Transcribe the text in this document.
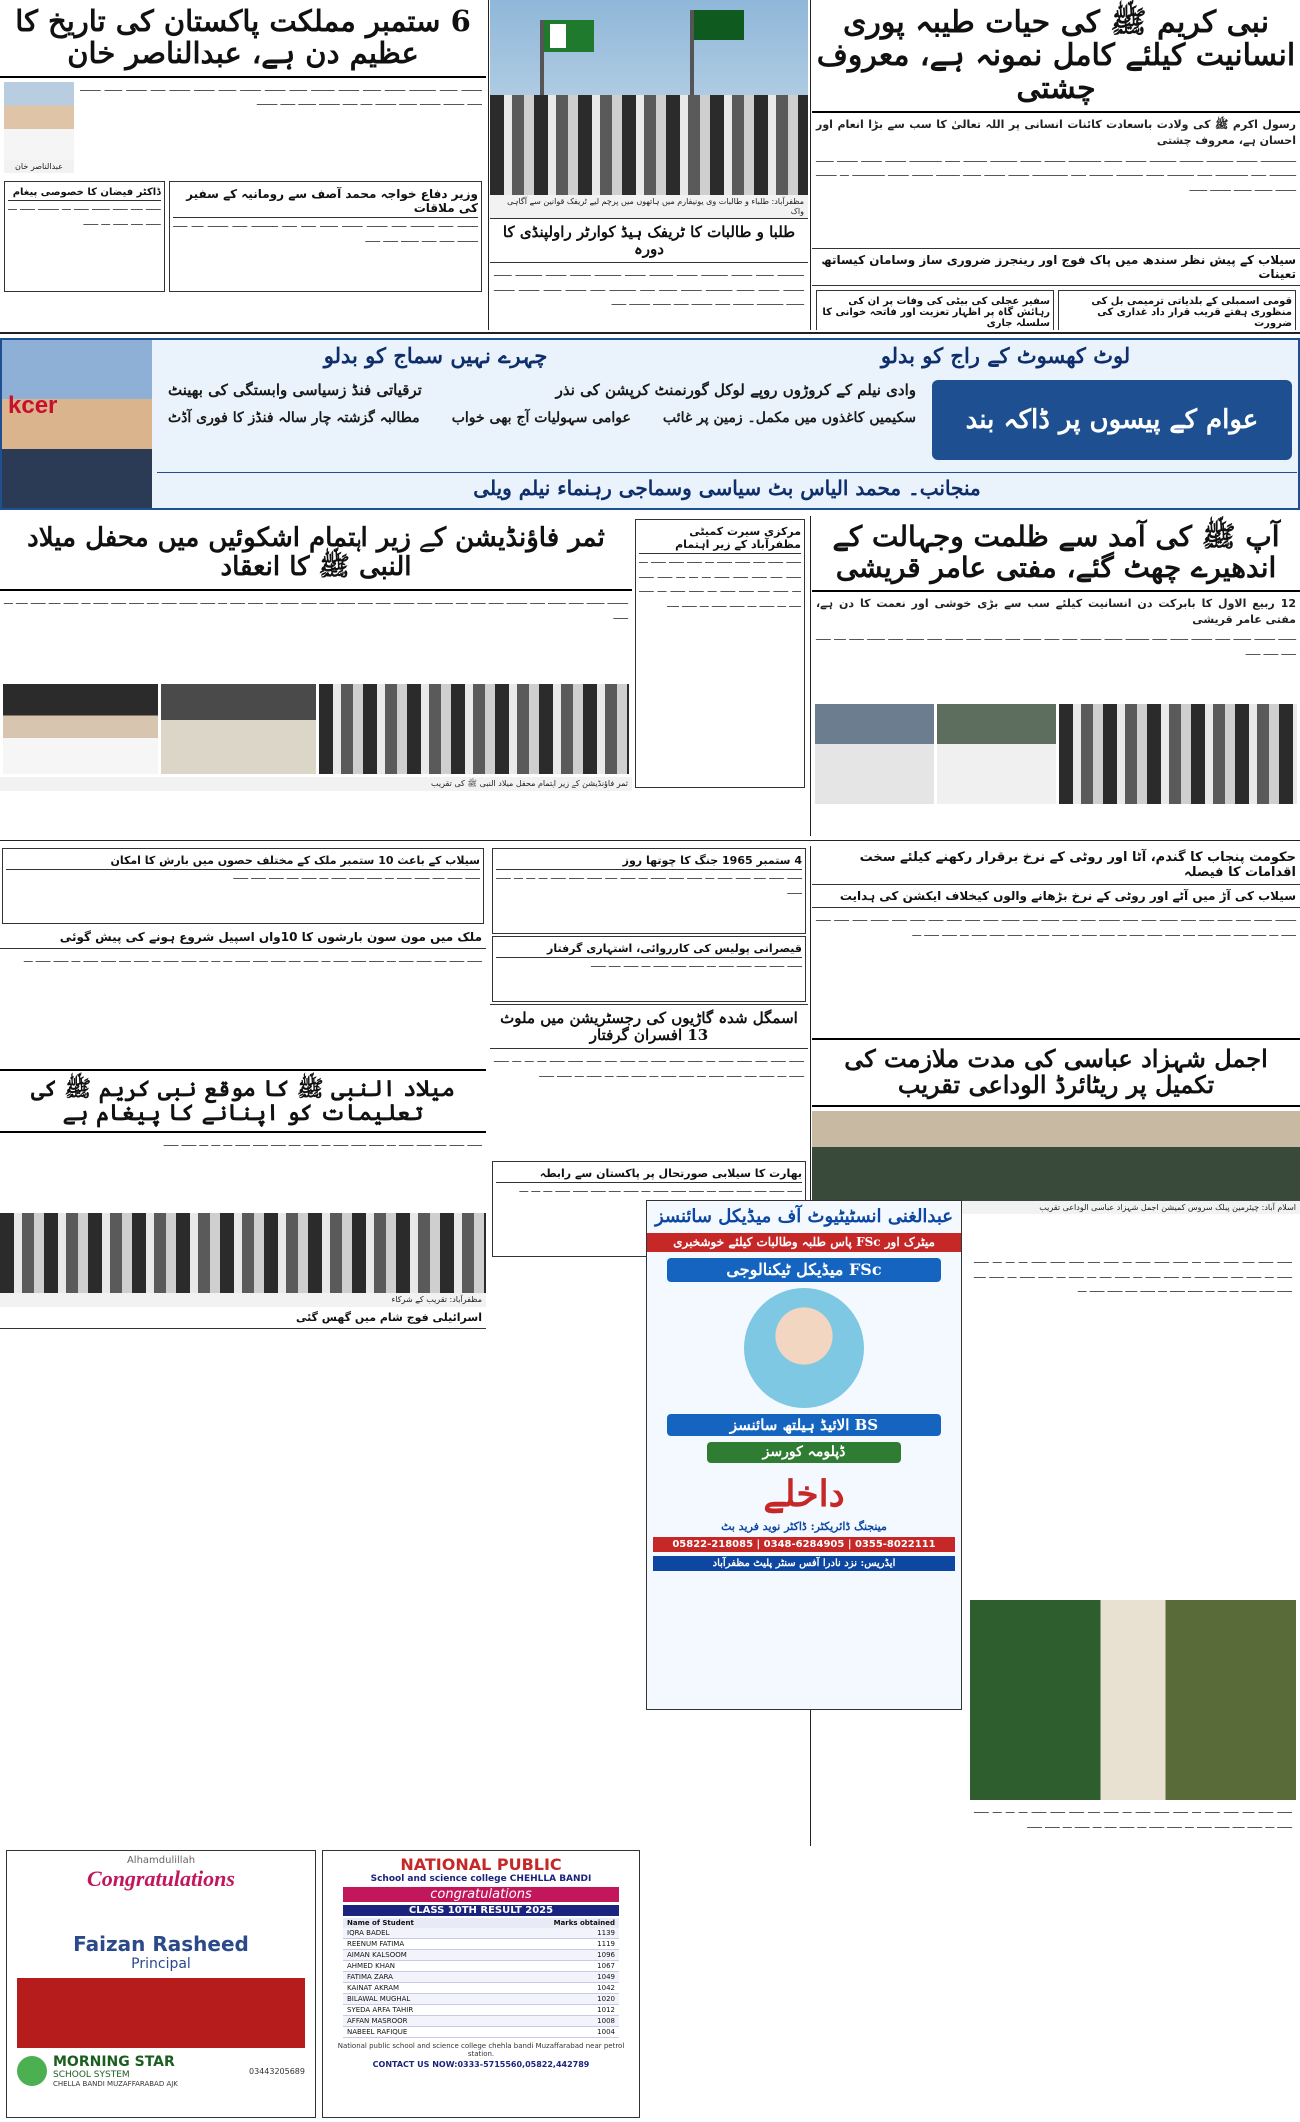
نبی کریم ﷺ کی حیات طیبہ پوری انسانیت کیلئے کامل نمونہ ہے، معروف چشتی
رسول اکرم ﷺ کی ولادت باسعادت کائنات انسانی پر اللہ تعالیٰ کا سب سے بڑا انعام اور احسان ہے، معروف چشتی
ــــــــــــ ـــــــ ـــــــــ ــــــــ ـــــــــ ـــــــ ــــــ ـــــــــــ ـــــــ ـــــــ ـــــــــ ــــــــ ـــــ ـــــــــــ ـــــــ ـــــــ ـــــــ ــــــ ـــــــــ ـــــ ـــــــــــ ـــــ ـــــــــ ــــــ ـــــــــ ــــــــ ـــــ ــــــــــــ ـــــــ ـــــــ ــــــ ــــــــ ـــــــ ـــــــ ـــــــــــ ـــ ـــــــ ـــــــ ــــــ ــــــ ـــــــ ــــــ
سیلاب کے پیش نظر سندھ میں پاک فوج اور رینجرز ضروری ساز وسامان کیساتھ تعینات
سفیر عجلی کی بیٹی کی وفات پر ان کی رہائش گاہ پر اظہار تعزیت اور فاتحہ خوانی کا سلسلہ جاری
قومی اسمبلی کے بلدیاتی ترمیمی بل کی منظوری ہفتے قریب قرار داد غداری کی ضرورت
مظفرآباد: طلباء و طالبات وی یونیفارم میں ہاتھوں میں پرچم لیے ٹریفک قوانین سے آگاہی واک
طلبا و طالبات کا ٹریفک ہیڈ کوارٹر راولپنڈی کا دورہ
ـــــــــ ــــــ ـــــــ ـــــــــ ـــــــ ــــــــ ـــــــ ـــــــــ ـــــــ ـــــــ ـــــــــ ــــــ ـــــــ ـــــــ ــــــ ـــــــــ ـــــــ ــــــ ـــــ ـــــــــ ـــــ ـــــــ ــــــ ـــــــ ـــــــ ــــــ ـــــــــ ـــــــ ـــــ ـــــــ ـــــ ــــــ ـــــــ ـــــ
6 ستمبر مملکت پاکستان کی تاریخ کا عظیم دن ہے، عبدالناصر خان
ـــــــ ــــــ ـــــــــ ـــــــ ــــــ ـــــــ ــــــــ ــــــ ـــــــ ـــــــ ــــــ ـــــــ ـــــــ ـــــ ـــــــ ــــــ ـــــــ ـــــ ـــــــ ـــــــ ــــــ ـــــــ ــــ ـــــ ـــــــ ــــــ ـــــ ـــــــ
عبدالناصر خان
وزیر دفاع خواجہ محمد آصف سے رومانیہ کے سفیر کی ملاقات
ـــــــ ـــــ ــــــــ ـــــ ـــــــ ـــــــ ــــــ ـــــ ـــــ ـــــــــ ـــــ ـــــــ ــــ ـــــ ـــــــ ـــــ ـــــ ــــــ ـــــ ـــــ
ڈاکٹر فیضان کا خصوصی پیغام
ـــــ ــــ ـــــ ــــــ ـــــ ـــ ـــــــ ـــــ ـــ ـــــ ــــ ـــــ ـــ ـــــ
kcer
لوٹ کھسوٹ کے راج کو بدلو
چہرے نہیں سماج کو بدلو
عوام کے پیسوں پر ڈاکہ بند
وادی نیلم کے کروڑوں روپے لوکل گورنمنٹ کرپشن کی نذر
ترقیاتی فنڈ زسیاسی وابستگی کی بھینٹ
سکیمیں کاغذوں میں مکمل۔ زمین پر غائب
عوامی سہولیات آج بھی خواب
مطالبہ گزشتہ چار سالہ فنڈز کا فوری آڈٹ
منجانب۔ محمد الیاس بٹ سیاسی وسماجی رہنماء نیلم ویلی
آپ ﷺ کی آمد سے ظلمت وجہالت کے اندھیرے چھٹ گئے، مفتی عامر قریشی
12 ربیع الاول کا بابرکت دن انسانیت کیلئے سب سے بڑی خوشی اور نعمت کا دن ہے، مفتی عامر قریشی
ــــــ ـــــــ ــــــ ـــــ ـــــــ ــــــ ـــــ ــــــــ ــــــ ـــــــ ـــــ ـــــ ــــــ ـــــ ــــــ ـــــ ــــــ ـــــ ــــــ ـــــ ــــــ ـــــ ــــ ـــــ ـــــ ـــــ ـــــ
مرکزی سیرت کمیٹی مظفرآباد کے زیر اہتمام
ـــــ ـــــ ــــ ـــــ ـــــ ـــ ـــــ ـــــ ـــــ ـــ ـــــ ــــ ـــــ ـــــ ـــــ ـــ ـــ ـــ ـــــ ـــــ ـــ ـــــ ــــ ـــــ ـــــ ـــ ـــــ ـــــ ـــ ـــــ ــــ ـــ ـــــ ـــ ـــــ ـــــ ـــ ـــــ ــــ
ثمر فاؤنڈیشن کے زیر اہتمام اشکوئیں میں محفل میلاد النبی ﷺ کا انعقاد
ـــــــ ــــــ ـــــ ــــــ ـــــ ـــــــ ـــــ ـــــ ــــ ــــــ ـــــ ـــــــ ـــــ ـــــ ــــــ ـــــ ـــــ ــــــ ــــ ـــــ ـــــ ـــ ـــــ ــــــ ـــــ ــــ ـــــ ـــــ ـــــ ـــ ـــــ ــــ ـــــ ــــ ـــ ـــــ
ثمر فاؤنڈیشن کے زیر اہتمام محفل میلاد النبی ﷺ کی تقریب
حکومت پنجاب کا گندم، آٹا اور روٹی کے نرخ برقرار رکھنے کیلئے سخت اقدامات کا فیصلہ
سیلاب کی آڑ میں آٹے اور روٹی کے نرخ بڑھانے والوں کیخلاف ایکشن کی ہدایت
ـــــــ ــــــ ـــــ ـــــ ـــــ ـــــ ــــــ ـــــ ـــــ ـــــــ ـــــ ـــــ ــــــ ـــــ ــــــ ـــــ ـــــ ـــــ ـــــ ـــــ ـــــ ــــــ ـــــ ـــــ ـــــ ـــــ ـــ ـــــ ـــــ ـــــ ـــــ ــــ ـــــ ـــــ ـــــ ـــ ـــــ ـــــ ـــ ـــــ ــــ ـــ ـــــ ـــــ ـــــ ـــ ـــــ ـــــ ـــ
اجمل شہزاد عباسی کی مدت ملازمت کی تکمیل پر ریٹائرڈ الوداعی تقریب
اسلام آباد: چیئرمین پبلک سروس کمیشن اجمل شہزاد عباسی الوداعی تقریب
4 ستمبر 1965 جنگ کا چوتھا روز
ـــــ ـــــ ــــ ـــــ ـــــ ـــ ـــــ ـــــ ـــــ ـــ ـــــ ــــ ـــــ ـــــ ـــــ ـــ ـــ ـــ ـــــ ـــــ
قیصرانی پولیس کی کارروائی، اشتہاری گرفتار
ـــــ ـــــ ــــ ـــــ ـــــ ـــ ـــــ ـــــ ـــــ ـــ ـــــ ــــ ـــــ
اسمگل شدہ گاڑیوں کی رجسٹریشن میں ملوث 13 افسران گرفتار
ـــــ ـــــ ــــ ـــــ ـــــ ـــ ـــــ ـــــ ـــــ ـــ ـــــ ــــ ـــــ ـــــ ـــــ ـــ ـــ ـــ ـــــ ـــــ ـــ ـــــ ــــ ـــــ ـــــ ـــ ـــــ ـــــ ـــ ـــــ ــــ ـــ ـــــ ـــ ـــــ ـــــ
بھارت کا سیلابی صورتحال پر پاکستان سے رابطہ
ـــــ ـــــ ــــ ـــــ ـــــ ـــ ـــــ ـــــ ـــــ ـــ ـــــ ــــ ـــــ ـــــ ـــــ ـــ ـــ ـــ
سیلاب کے باعث 10 ستمبر ملک کے مختلف حصوں میں بارش کا امکان
ـــــ ـــــ ــــ ـــــ ـــــ ـــ ـــــ ـــــ ـــــ ـــ ـــــ ــــ ـــــ ـــــ ـــــ
ملک میں مون سون بارشوں کا 10واں اسپیل شروع ہونے کی پیش گوئی
ـــــ ـــــ ــــ ـــــ ـــــ ـــ ـــــ ـــــ ـــــ ـــ ـــــ ــــ ـــــ ـــــ ـــــ ـــ ـــ ـــ ـــــ ـــــ ـــ ـــــ ــــ ـــــ ـــــ ـــ ـــــ ـــــ ـــ
میلاد النبی ﷺ کا موقع نبی کریم ﷺ کی تعلیمات کو اپنانے کا پیغام ہے
ـــــ ـــــ ــــ ـــــ ـــــ ـــ ـــــ ـــــ ـــــ ـــ ـــــ ــــ ـــــ ـــــ ـــــ ـــ ـــ ـــ ـــــ ـــــ
مظفرآباد: تقریب کے شرکاء
اسرائیلی فوج شام میں گھس گئی
Alhamdulillah
Congratulations
Faizan Rasheed
Principal
MORNING STAR
SCHOOL SYSTEM
CHELLA BANDI MUZAFFARABAD AJK
03443205689
NATIONAL PUBLIC
School and science college CHEHLLA BANDI
congratulations
CLASS 10TH RESULT 2025
Name of Student	Marks obtained
IQRA BADEL	1139
REENUM FATIMA	1119
AIMAN KALSOOM	1096
AHMED KHAN	1067
FATIMA ZARA	1049
KAINAT AKRAM	1042
BILAWAL MUGHAL	1020
SYEDA ARFA TAHIR	1012
AFFAN MASROOR	1008
NABEEL RAFIQUE	1004
National public school and science college chehla bandi Muzaffarabad near petrol station.
CONTACT US NOW:0333-5715560,05822,442789
عبدالغنی انسٹیٹیوٹ آف میڈیکل سائنسز
میٹرک اور FSc پاس طلبہ وطالبات کیلئے خوشخبری
FSc میڈیکل ٹیکنالوجی
BS الائیڈ ہیلتھ سائنسز
ڈپلومہ کورسز
داخلے
مینجنگ ڈائریکٹر: ڈاکٹر نوید فرید بٹ
05822-218085 | 0348-6284905 | 0355-8022111
ایڈریس: نزد نادرا آفس سنٹر پلیٹ مظفرآباد
ـــــ ـــــ ــــ ـــــ ـــــ ـــ ـــــ ـــــ ـــــ ـــ ـــــ ــــ ـــــ ـــــ ـــــ ـــ ـــ ـــ ـــــ ـــــ ـــ ـــــ ــــ ـــــ ـــــ ـــ ـــــ ـــــ ـــ ـــــ ــــ ـــ ـــــ ـــ ـــــ ـــــ ـــ ـــــ ــــ ـــــ ـــــ ـــــ ـــ ـــ ـــ ـــــ ـــــ ـــ ـــــ ــــ ـــــ ـــــ ـــ
ـــــ ـــــ ــــ ـــــ ـــــ ـــ ـــــ ـــــ ـــــ ـــ ـــــ ــــ ـــــ ـــــ ـــــ ـــ ـــ ـــ ـــــ ـــــ ـــ ـــــ ــــ ـــــ ـــــ ـــ ـــــ ـــــ ـــ ـــــ ــــ ـــ ـــــ ـــ ـــــ ـــــ
